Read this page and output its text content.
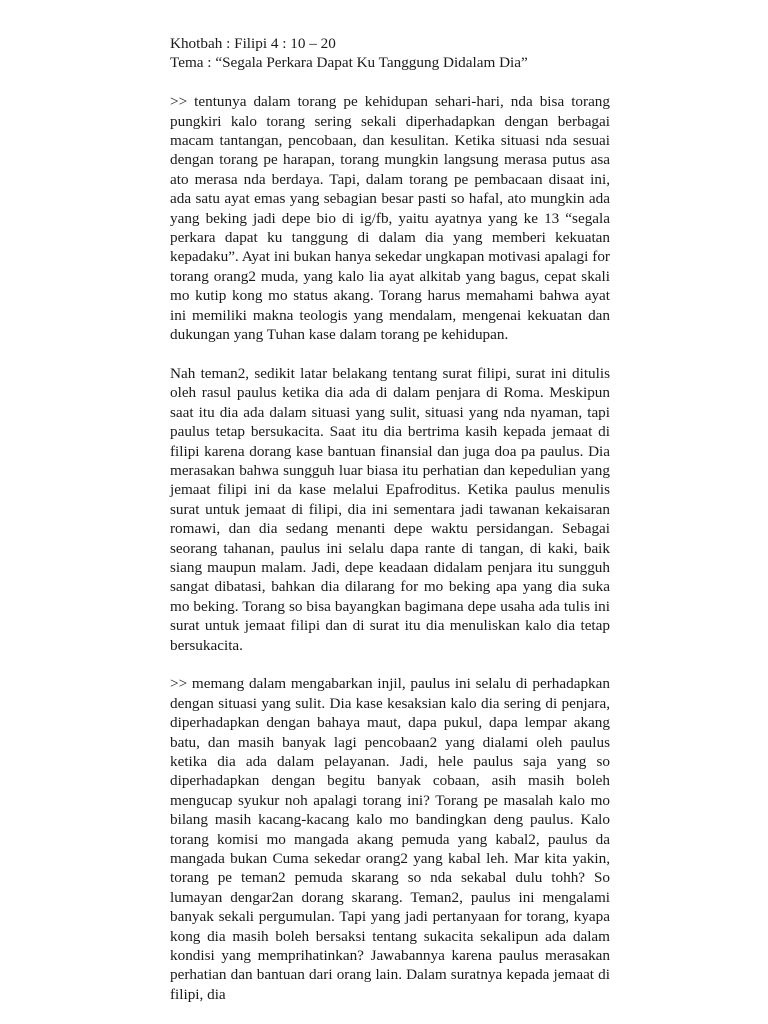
Khotbah : Filipi 4 : 10 – 20

Tema : “Segala Perkara Dapat Ku Tanggung Didalam Dia”

>> tentunya dalam torang pe kehidupan sehari-hari, nda bisa torang pungkiri kalo torang sering sekali diperhadapkan dengan berbagai macam tantangan, pencobaan, dan kesulitan. Ketika situasi nda sesuai dengan torang pe harapan, torang mungkin langsung merasa putus asa ato merasa nda berdaya. Tapi, dalam torang pe pembacaan disaat ini, ada satu ayat emas yang sebagian besar pasti so hafal, ato mungkin ada yang beking jadi depe bio di ig/fb, yaitu ayatnya yang ke 13 “segala perkara dapat ku tanggung di dalam dia yang memberi kekuatan kepadaku”. Ayat ini bukan hanya sekedar ungkapan motivasi apalagi for torang orang2 muda, yang kalo lia ayat alkitab yang bagus, cepat skali mo kutip kong mo status akang. Torang harus memahami bahwa ayat ini memiliki makna teologis yang mendalam, mengenai kekuatan dan dukungan yang Tuhan kase dalam torang pe kehidupan.

Nah teman2, sedikit latar belakang tentang surat filipi, surat ini ditulis oleh rasul paulus ketika dia ada di dalam penjara di Roma. Meskipun saat itu dia ada dalam situasi yang sulit, situasi yang nda nyaman, tapi paulus tetap bersukacita. Saat itu dia bertrima kasih kepada jemaat di filipi karena dorang kase bantuan finansial dan juga doa pa paulus. Dia merasakan bahwa sungguh luar biasa itu perhatian dan kepedulian yang jemaat filipi ini da kase melalui Epafroditus. Ketika paulus menulis surat untuk jemaat di filipi, dia ini sementara jadi tawanan kekaisaran romawi, dan dia sedang menanti depe waktu persidangan. Sebagai seorang tahanan, paulus ini selalu dapa rante di tangan, di kaki, baik siang maupun malam. Jadi, depe keadaan didalam penjara itu sungguh sangat dibatasi, bahkan dia dilarang for mo beking apa yang dia suka mo beking. Torang so bisa bayangkan bagimana depe usaha ada tulis ini surat untuk jemaat filipi dan di surat itu dia menuliskan kalo dia tetap bersukacita.

>> memang dalam mengabarkan injil, paulus ini selalu di perhadapkan dengan situasi yang sulit. Dia kase kesaksian kalo dia sering di penjara, diperhadapkan dengan bahaya maut, dapa pukul, dapa lempar akang batu, dan masih banyak lagi pencobaan2 yang dialami oleh paulus ketika dia ada dalam pelayanan. Jadi, hele paulus saja yang so diperhadapkan dengan begitu banyak cobaan, asih masih boleh mengucap syukur noh apalagi torang ini? Torang pe masalah kalo mo bilang masih kacang-kacang kalo mo bandingkan deng paulus. Kalo torang komisi mo mangada akang pemuda yang kabal2, paulus da mangada bukan Cuma sekedar orang2 yang kabal leh. Mar kita yakin, torang pe teman2 pemuda skarang so nda sekabal dulu tohh? So lumayan dengar2an dorang skarang. Teman2, paulus ini mengalami banyak sekali pergumulan. Tapi yang jadi pertanyaan for torang, kyapa kong dia masih boleh bersaksi tentang sukacita sekalipun ada dalam kondisi yang memprihatinkan? Jawabannya karena paulus merasakan perhatian dan bantuan dari orang lain. Dalam suratnya kepada jemaat di filipi, dia
